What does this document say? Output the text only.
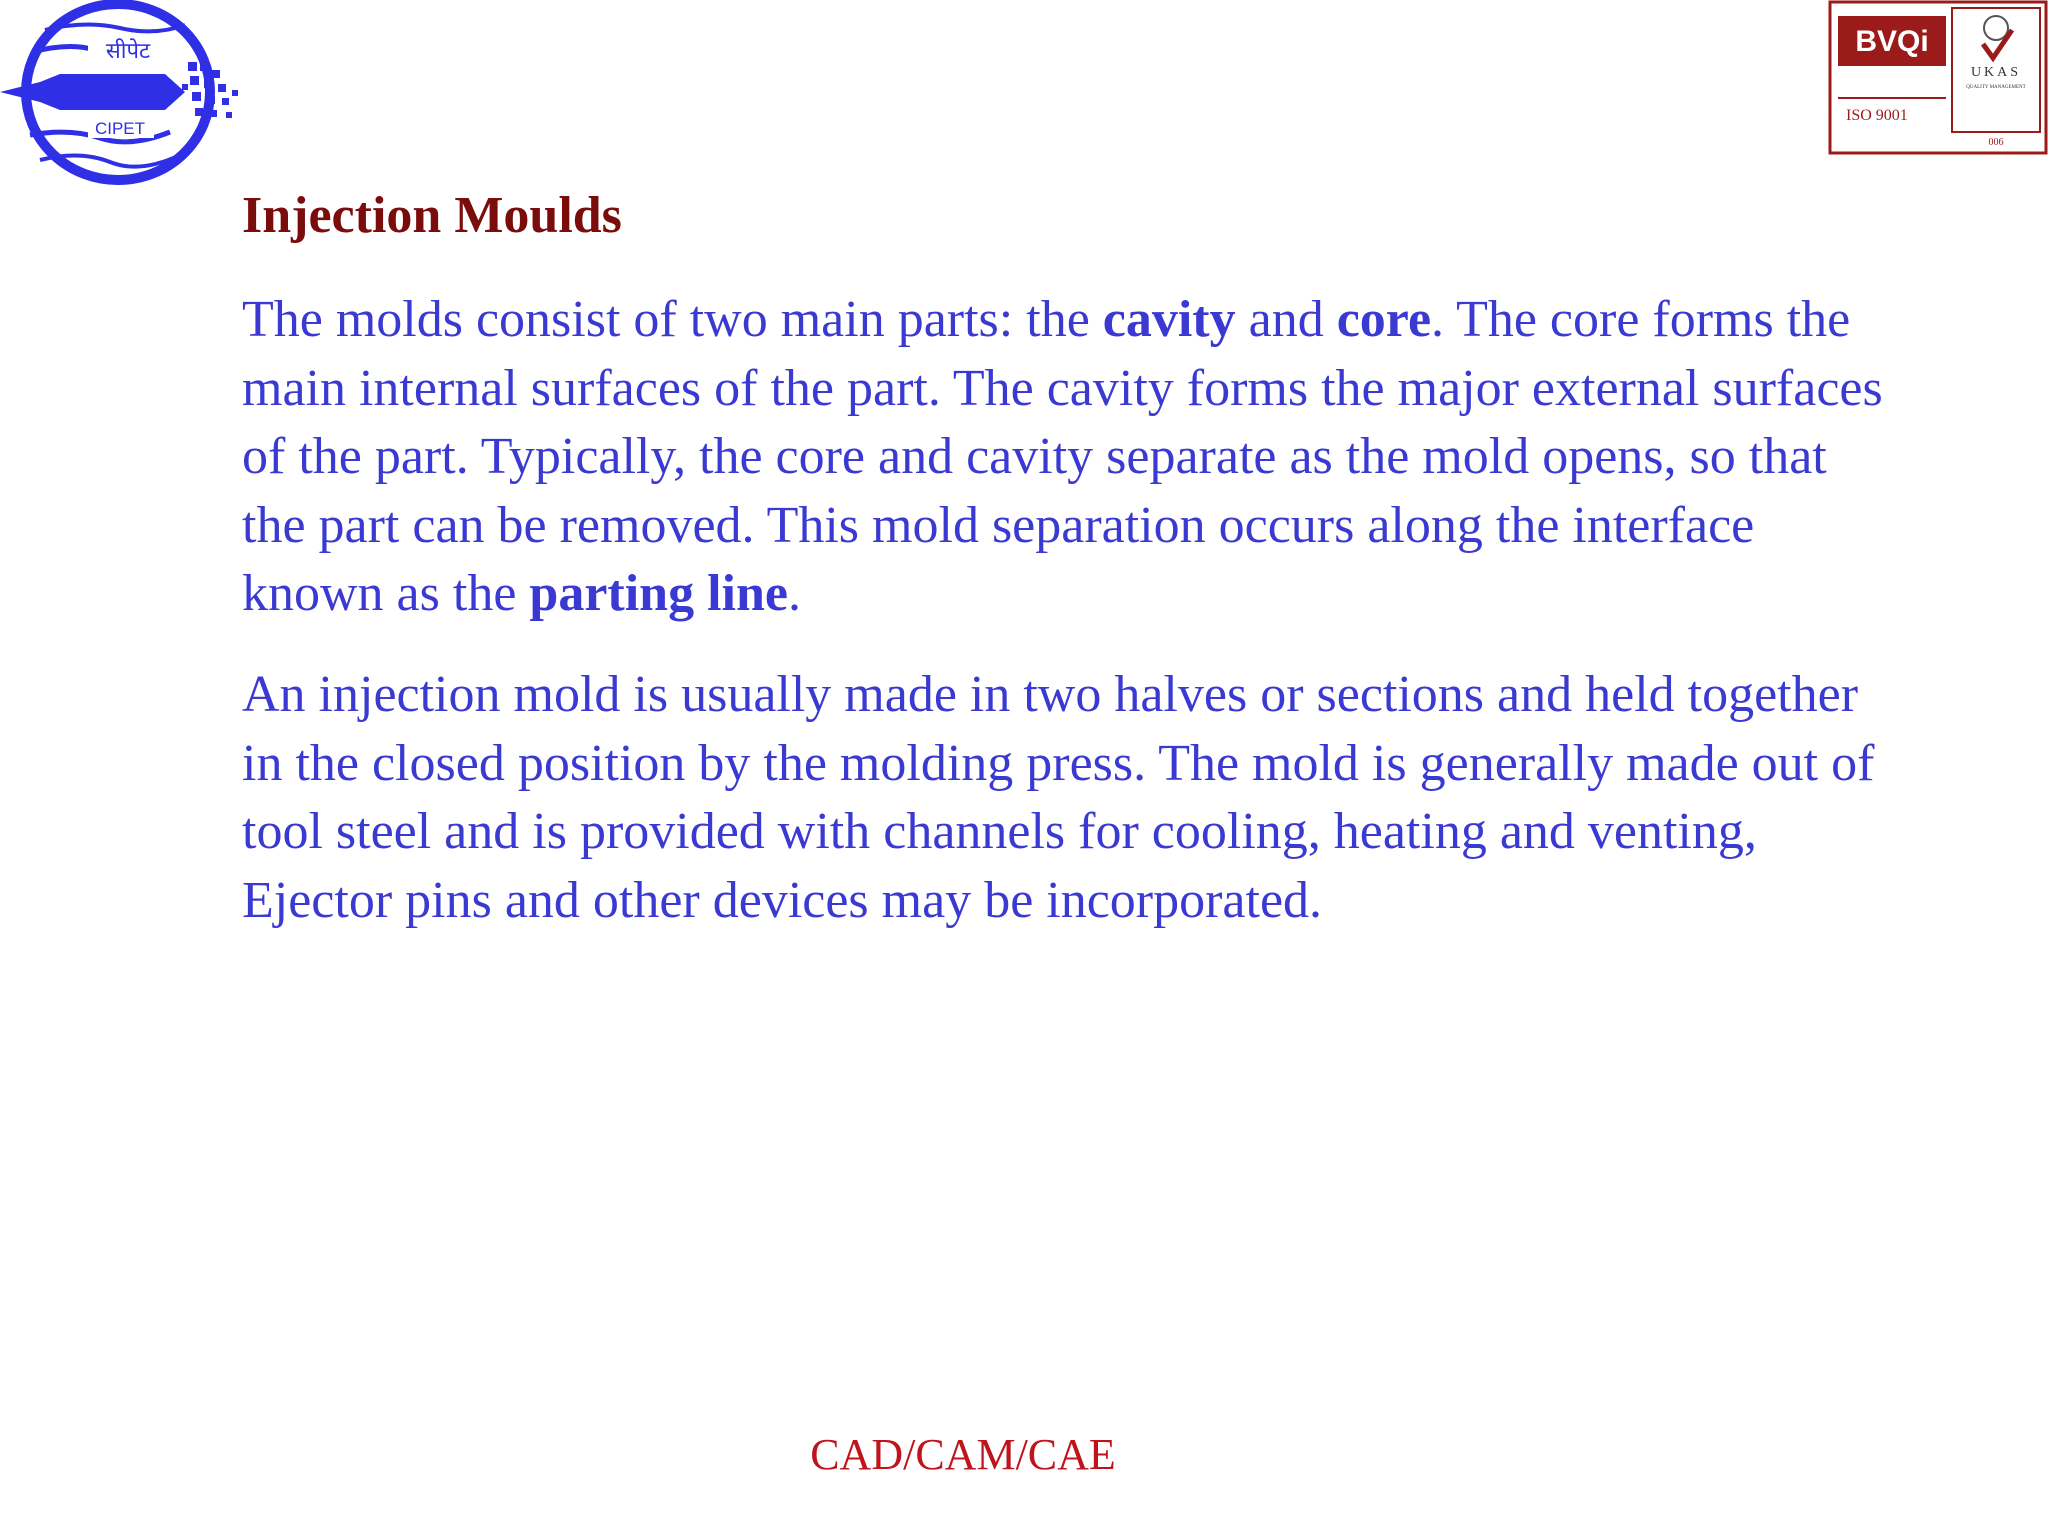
सीपेट
CIPET
BVQi
ISO 9001
UKAS
QUALITY MANAGEMENT
006
Injection Moulds

The molds consist of two main parts: the cavity and core. The core forms the main internal surfaces of the part. The cavity forms the major external surfaces of the part. Typically, the core and cavity separate as the mold opens, so that the part can be removed. This mold separation occurs along the interface known as the parting line.

An injection mold is usually made in two halves or sections and held together in the closed position by the molding press. The mold is generally made out of tool steel and is provided with channels for cooling, heating and venting, Ejector pins and other devices may be incorporated.

CAD/CAM/CAE
